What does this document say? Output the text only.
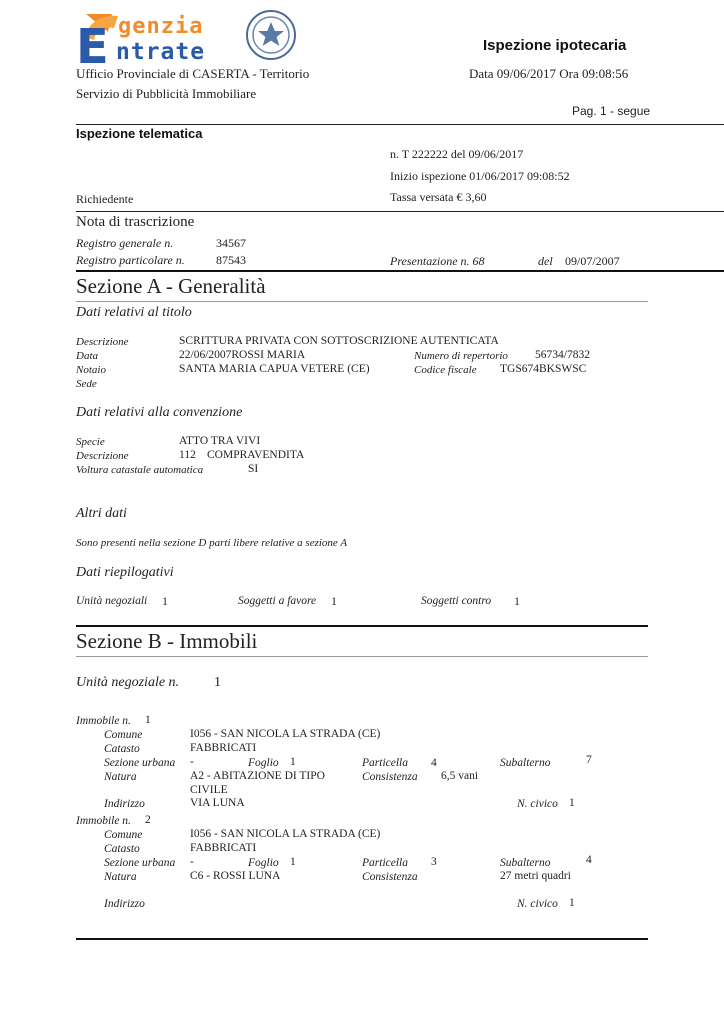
E genzia
ntrate	Ispezione ipotecaria
Ufficio Provinciale di CASERTA - Territorio	Data 09/06/2017 Ora 09:08:56
Servizio di Pubblicità Immobiliare
Pag. 1 - segue
Ispezione telematica
n. T 222222 del 09/06/2017
Inizio ispezione 01/06/2017 09:08:52
Richiedente	Tassa versata € 3,60
Nota di trascrizione
Registro generale n.	34567
Registro particolare n.	87543	Presentazione n. 68	del 09/07/2007
Sezione A - Generalità
Dati relativi al titolo
Descrizione	SCRITTURA PRIVATA CON SOTTOSCRIZIONE AUTENTICATA
Data	22/06/2007ROSSI MARIA	Numero di repertorio 56734/7832
Notaio	SANTA MARIA CAPUA VETERE (CE)	Codice fiscale TGS674BKSWSC
Sede
Dati relativi alla convenzione
Specie	ATTO TRA VIVI
Descrizione	112 COMPRAVENDITA
Voltura catastale automatica	SI
Altri dati
Sono presenti nella sezione D parti libere relative a sezione A
Dati riepilogativi
Unità negoziali 1	Soggetti a favore 1	Soggetti contro 1
Sezione B - Immobili
Unità negoziale n. 1
Immobile n. 1
Comune	I056 - SAN NICOLA LA STRADA (CE)
Catasto	FABBRICATI
Sezione urbana -	Foglio 1	Particella 4	Subalterno	7
Natura	A2 - ABITAZIONE DI TIPO
CIVILE
Consistenza 6,5 vani
Indirizzo	VIA LUNA	N. civico 1
Immobile n. 2
Comune	I056 - SAN NICOLA LA STRADA (CE)
Catasto	FABBRICATI
Sezione urbana -	Foglio 1	Particella 3	Subalterno	4
Natura	C6 - ROSSI LUNA	Consistenza	27 metri quadri
Indirizzo	N. civico 1
